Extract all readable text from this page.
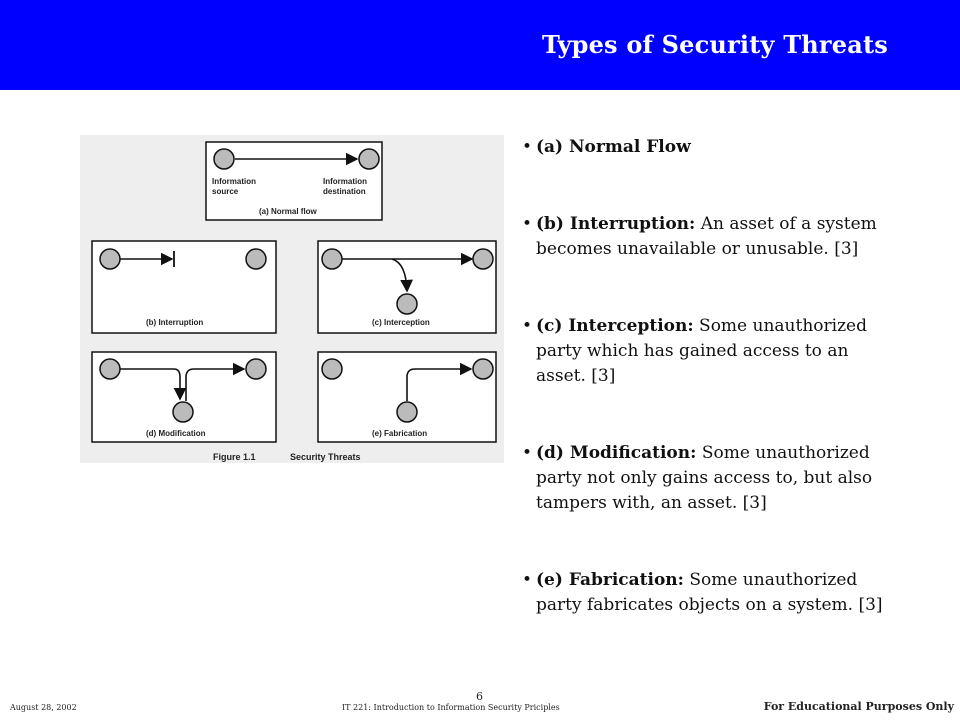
Types of Security Threats
Information
source
Information
destination
(a) Normal flow
(b) Interruption	(c) Interception
(d) Modification	(e) Fabrication
Figure 1.1	Security Threats
• (a) Normal Flow
• (b) Interruption: An asset of a system
becomes unavailable or unusable. [3]
• (c) Interception: Some unauthorized
party which has gained access to an
asset. [3]
• (d) Modification: Some unauthorized
party not only gains access to, but also
tampers with, an asset. [3]
• (e) Fabrication: Some unauthorized
party fabricates objects on a system. [3]
August 28, 2002
6
IT 221: Introduction to Information Security Priciples	For Educational Purposes Only
